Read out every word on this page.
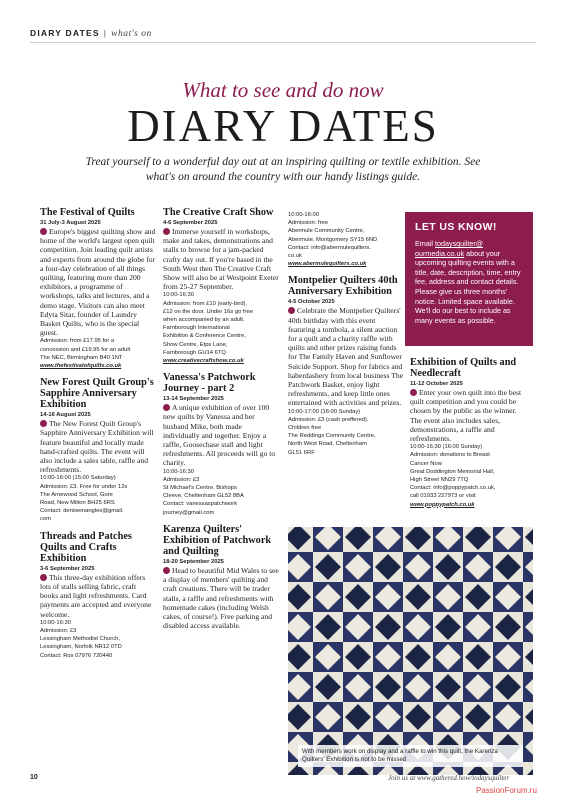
DIARY DATES | what's on
What to see and do now
DIARY DATES
Treat yourself to a wonderful day out at an inspiring quilting or textile exhibition. See what's on around the country with our handy listings guide.
The Festival of Quilts
31 July-3 August 2025
Europe's biggest quilting show and home of the world's largest open quilt competition. Join leading quilt artists and experts from around the globe for a four-day celebration of all things quilting, featuring more than 200 exhibitors, a programme of workshops, talks and lectures, and a demo stage. Visitors can also meet Edyta Sitar, founder of Laundry Basket Quilts, who is the special guest.
Admission: from £17.95 for a
concession and £19.95 for an adult
The NEC, Birmingham B40 1NT
www.thefestivalofquilts.co.uk
New Forest Quilt Group's Sapphire Anniversary Exhibition
14-16 August 2025
The New Forest Quilt Group's Sapphire Anniversary Exhibition will feature beautiful and locally made hand-crafted quilts. The event will also include a sales table, raffle and refreshments.
10:00-16:00 (15:00 Saturday)
Admission: £3. Free for under 12s
The Arnewood School, Gore
Road, New Milton BH25 6RS
Contact: denisemangles@gmail.
com
Threads and Patches Quilts and Crafts Exhibition
3-6 September 2025
This three-day exhibition offers lots of stalls selling fabric, craft books and light refreshments. Card payments are accepted and everyone welcome.
10:00-16:30
Admission: £3
Lessingham Methodist Church,
Lessingham, Norfolk NR12 0TD
Contact: Ros 07976 720440
The Creative Craft Show
4-6 September 2025
Immerse yourself in workshops, make and takes, demonstrations and stalls to browse for a jam-packed crafty day out. If you're based in the South West then The Creative Craft Show will also be at Westpoint Exeter from 25-27 September.
10:00-16:30
Admission: from £10 (early-bird),
£12 on the door. Under 16s go free
when accompanied by an adult.
Farnborough International
Exhibition & Conference Centre,
Show Centre, Etps Lane,
Farnborough GU14 6TQ
www.creativecraftshow.co.uk
Vanessa's Patchwork Journey - part 2
13-14 September 2025
A unique exhibition of over 100 new quilts by Vanessa and her husband Mike, both made individually and together. Enjoy a raffle, Goosechase stall and light refreshments. All proceeds will go to charity.
10:00-16:30
Admission: £3
St Michael's Centre, Bishops
Cleeve, Cheltenham GL52 8BA
Contact: vanessaspatchwork
journey@gmail.com
Karenza Quilters' Exhibition of Patchwork and Quilting
18-20 September 2025
Head to beautiful Mid Wales to see a display of members' quilting and craft creations. There will be trader stalls, a raffle and refreshments with homemade cakes (including Welsh cakes, of course!). Free parking and disabled access available.
10:00-16:00
Admission: free
Abermule Community Centre,
Abermule, Montgomery SY15 6ND
Contact: info@abermulequilters.
co.uk
www.abermulequilters.co.uk
Montpelier Quilters 40th Anniversary Exhibition
4-5 October 2025
Celebrate the Montpelier Quilters' 40th birthday with this event featuring a tombola, a silent auction for a quilt and a charity raffle with quilts and other prizes raising funds for The Family Haven and Sunflower Suicide Support. Shop for fabrics and haberdashery from local business The Patchwork Basket, enjoy light refreshments, and keep little ones entertained with activities and prizes.
10:00-17:00 (16:00 Sunday)
Admission: £3 (cash preffered).
Children free
The Reddings Community Centre,
North West Road, Cheltenham
GL51 6RF
LET US KNOW!
Email todaysquilter@ ourmedia.co.uk about your upcoming quilting events with a title, date, description, time, entry fee, address and contact details. Please give us three months' notice. Limited space available. We'll do our best to include as many events as possible.
Exhibition of Quilts and Needlecraft
11-12 October 2025
Enter your own quilt into the best quilt competition and you could be chosen by the public as the winner. The event also includes sales, demonstrations, a raffle and refreshments.
10:00-16:30 (16:00 Sunday)
Admission: donations to Breast
Cancer Now
Great Doddington Memorial Hall,
High Street NN29 7TQ
Contact: info@poppypatch.co.uk,
call 01933 227973 or visit
www.poppypatch.co.uk
With members work on display and a raffle to win this quilt, the Karenza Quilters' Exhibition is not to be missed
10	Join us at www.gathered.how/todaysquilter
PassionForum.ru
